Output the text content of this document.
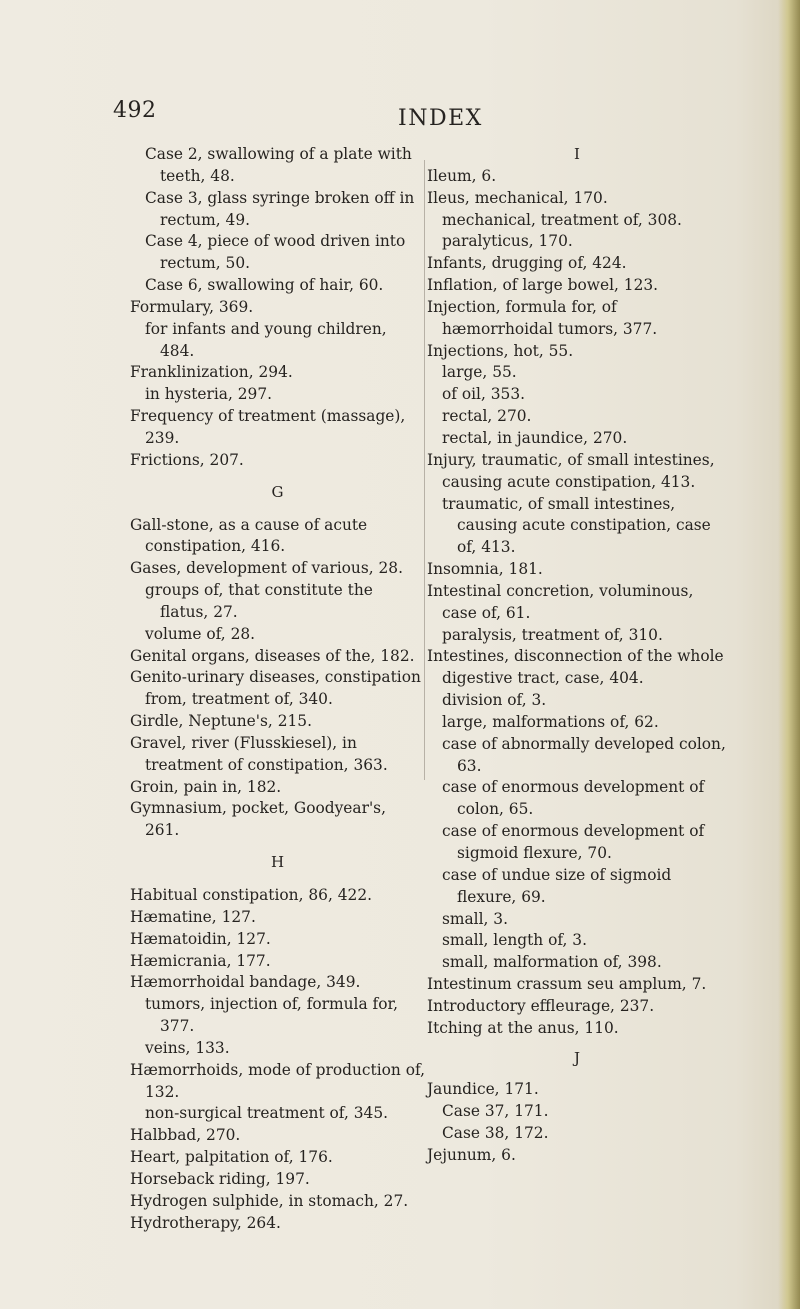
492	INDEX

Case 2, swallowing of a plate with teeth, 48.

Case 3, glass syringe broken off in rectum, 49.

Case 4, piece of wood driven into rectum, 50.

Case 6, swallowing of hair, 60.

Formulary, 369.

for infants and young children, 484.

Franklinization, 294.

in hysteria, 297.

Frequency of treatment (massage), 239.

Frictions, 207.

G

Gall-stone, as a cause of acute constipation, 416.

Gases, development of various, 28.

groups of, that constitute the flatus, 27.

volume of, 28.

Genital organs, diseases of the, 182.

Genito-urinary diseases, constipation from, treatment of, 340.

Girdle, Neptune's, 215.

Gravel, river (Flusskiesel), in treatment of constipation, 363.

Groin, pain in, 182.

Gymnasium, pocket, Goodyear's, 261.

H

Habitual constipation, 86, 422.

Hæmatine, 127.

Hæmatoidin, 127.

Hæmicrania, 177.

Hæmorrhoidal bandage, 349.

tumors, injection of, formula for, 377.

veins, 133.

Hæmorrhoids, mode of production of, 132.

non-surgical treatment of, 345.

Halbbad, 270.

Heart, palpitation of, 176.

Horseback riding, 197.

Hydrogen sulphide, in stomach, 27.

Hydrotherapy, 264.

I

Ileum, 6.

Ileus, mechanical, 170.

mechanical, treatment of, 308.

paralyticus, 170.

Infants, drugging of, 424.

Inflation, of large bowel, 123.

Injection, formula for, of hæmorrhoidal tumors, 377.

Injections, hot, 55.

large, 55.

of oil, 353.

rectal, 270.

rectal, in jaundice, 270.

Injury, traumatic, of small intestines, causing acute constipation, 413.

traumatic, of small intestines, causing acute constipation, case of, 413.

Insomnia, 181.

Intestinal concretion, voluminous, case of, 61.

paralysis, treatment of, 310.

Intestines, disconnection of the whole digestive tract, case, 404.

division of, 3.

large, malformations of, 62.

case of abnormally developed colon, 63.

case of enormous development of colon, 65.

case of enormous development of sigmoid flexure, 70.

case of undue size of sigmoid flexure, 69.

small, 3.

small, length of, 3.

small, malformation of, 398.

Intestinum crassum seu amplum, 7.

Introductory effleurage, 237.

Itching at the anus, 110.

J

Jaundice, 171.

Case 37, 171.

Case 38, 172.

Jejunum, 6.
